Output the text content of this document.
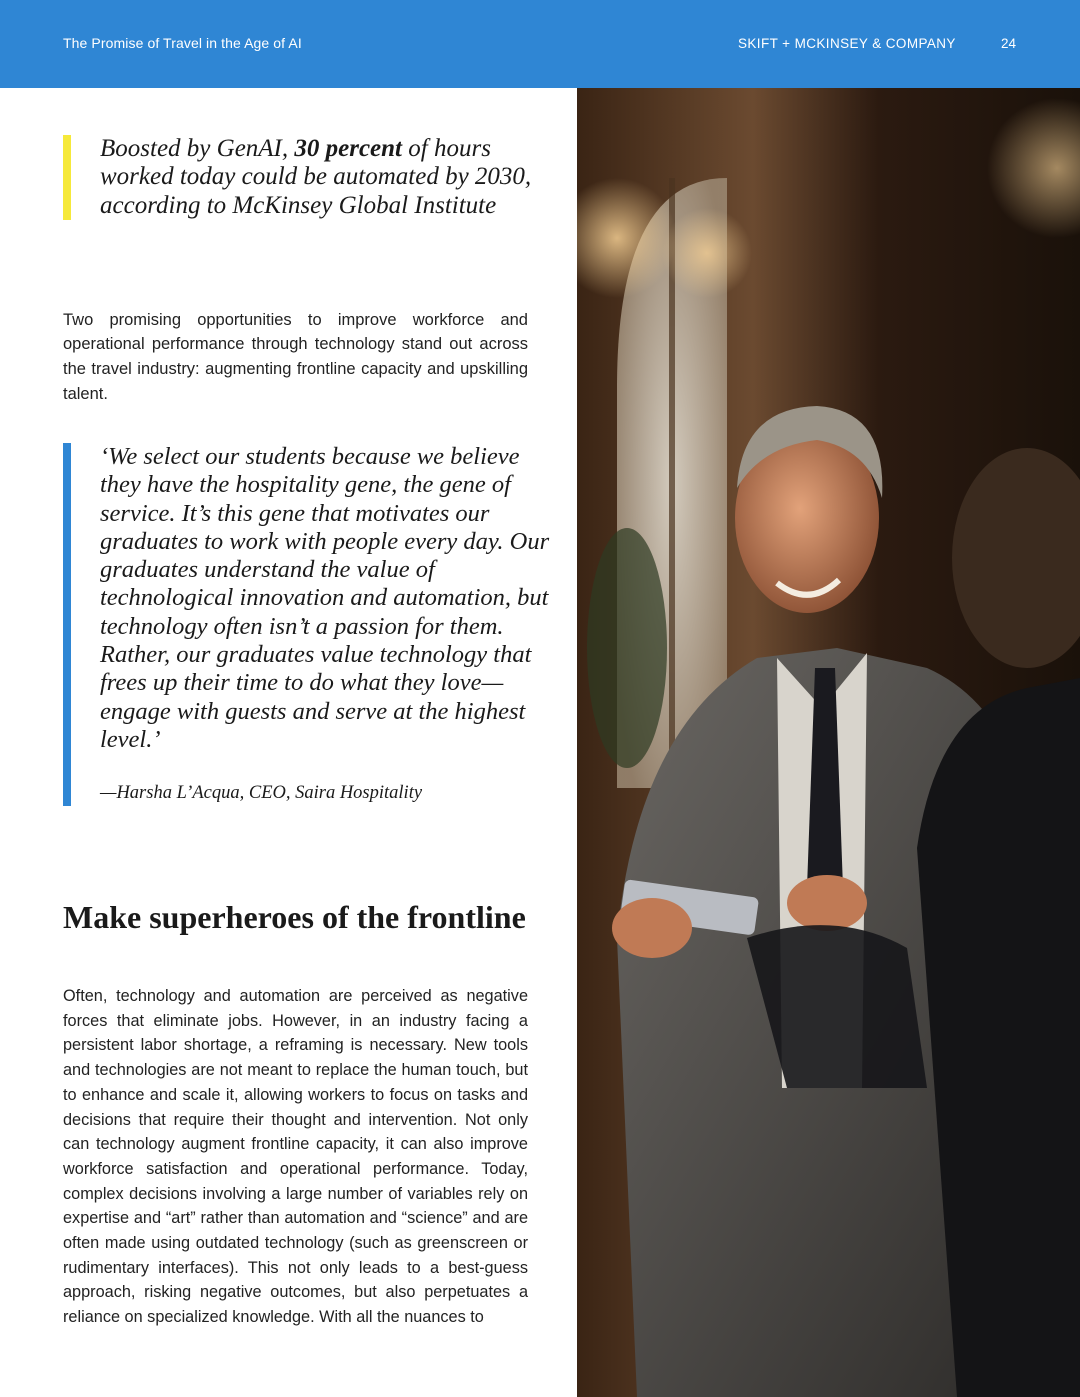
The Promise of Travel in the Age of AI	SKIFT + MCKINSEY & COMPANY	24
Boosted by GenAI, 30 percent of hours worked today could be automated by 2030, according to McKinsey Global Institute

Two promising opportunities to improve workforce and operational performance through technology stand out across the travel industry: augmenting frontline capacity and upskilling talent.

‘We select our students because we believe they have the hospitality gene, the gene of service. It’s this gene that motivates our graduates to work with people every day. Our graduates understand the value of technological innovation and automation, but technology often isn’t a passion for them. Rather, our graduates value technology that frees up their time to do what they love—engage with guests and serve at the highest level.’
—Harsha L’Acqua, CEO, Saira Hospitality
Make superheroes of the frontline

Often, technology and automation are perceived as negative forces that eliminate jobs. However, in an industry facing a persistent labor shortage, a reframing is necessary. New tools and technologies are not meant to replace the human touch, but to enhance and scale it, allowing workers to focus on tasks and decisions that require their thought and intervention. Not only can technology augment frontline capacity, it can also improve workforce satisfaction and operational performance. Today, complex decisions involving a large number of variables rely on expertise and “art” rather than automation and “science” and are often made using outdated technology (such as greenscreen or rudimentary interfaces). This not only leads to a best-guess approach, risking negative outcomes, but also perpetuates a reliance on specialized knowledge. With all the nuances to
